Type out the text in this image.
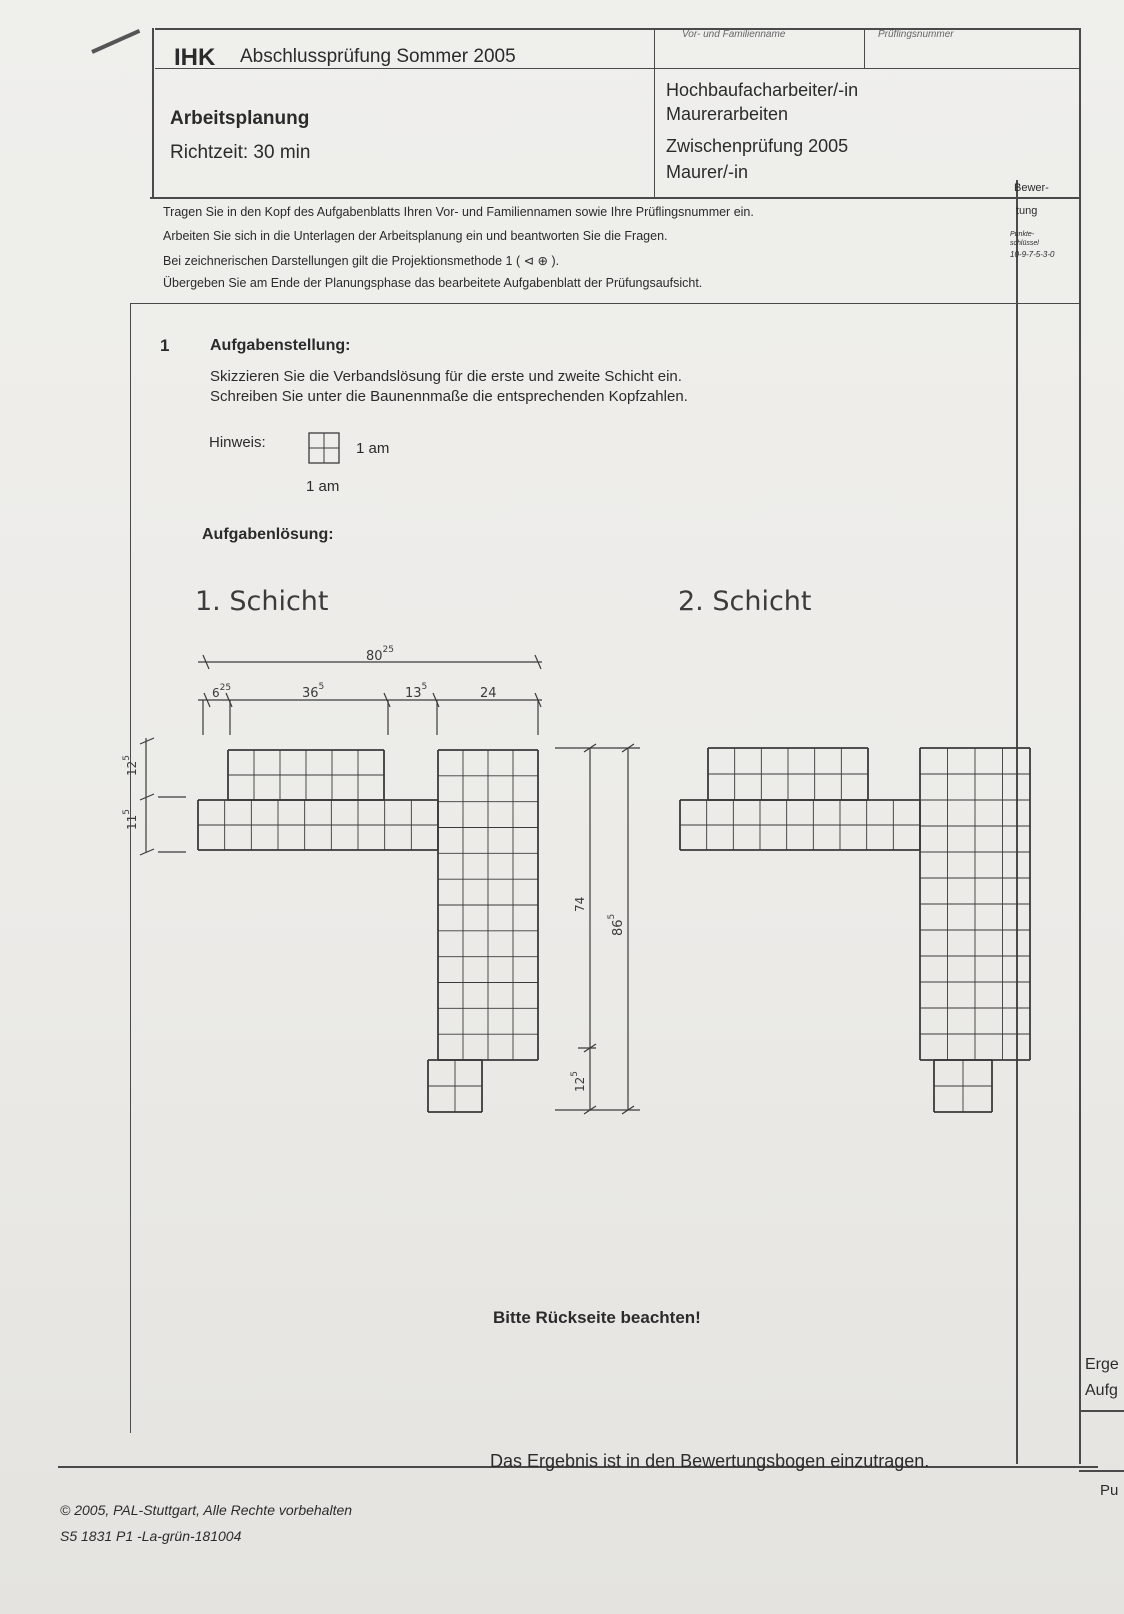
IHK Abschlussprüfung Sommer 2005
Vor- und Familienname	Prüflingsnummer
Arbeitsplanung
Richtzeit: 30 min
Hochbaufacharbeiter/-in
Maurerarbeiten
Zwischenprüfung 2005
Maurer/-in
Tragen Sie in den Kopf des Aufgabenblatts Ihren Vor- und Familiennamen sowie Ihre Prüflingsnummer ein.
Arbeiten Sie sich in die Unterlagen der Arbeitsplanung ein und beantworten Sie die Fragen.
Bei zeichnerischen Darstellungen gilt die Projektionsmethode 1 ( ⊲ ⊕ ).
Übergeben Sie am Ende der Planungsphase das bearbeitete Aufgabenblatt der Prüfungsaufsicht.
Bewer-
tung
Punkte-
schlüssel
10-9-7-5-3-0
1	Aufgabenstellung:
Skizzieren Sie die Verbandslösung für die erste und zweite Schicht ein.
Schreiben Sie unter die Baunennmaße die entsprechenden Kopfzahlen.
Hinweis:	1 am
1 am
Aufgabenlösung:
1. Schicht	2. Schicht
$80^{25}$
$6^{25}$	$36^5$	$13^5$	24
$12^5$
$11^5$
74
$86^5$
$12^5$
Bitte Rückseite beachten!
Erge
Aufg
Das Ergebnis ist in den Bewertungsbogen einzutragen.
Pu
© 2005, PAL-Stuttgart, Alle Rechte vorbehalten
S5 1831 P1 -La-grün-181004
